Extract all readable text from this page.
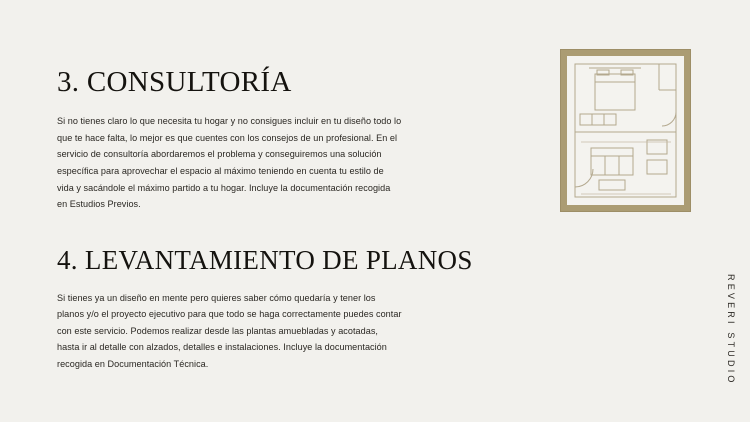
3. CONSULTORÍA

Si no tienes claro lo que necesita tu hogar y no consigues incluir en tu diseño todo lo que te hace falta, lo mejor es que cuentes con los consejos de un profesional. En el servicio de consultoría abordaremos el problema y conseguiremos una solución específica para aprovechar el espacio al máximo teniendo en cuenta tu estilo de vida y sacándole el máximo partido a tu hogar. Incluye la documentación recogida en Estudios Previos.

4. LEVANTAMIENTO DE PLANOS

Si tienes ya un diseño en mente pero quieres saber cómo quedaría y tener los planos y/o el proyecto ejecutivo para que todo se haga correctamente puedes contar con este servicio. Podemos realizar desde las plantas amuebladas y acotadas, hasta ir al detalle con alzados, detalles e instalaciones. Incluye la documentación recogida en Documentación Técnica.	REVERI STUDIO
